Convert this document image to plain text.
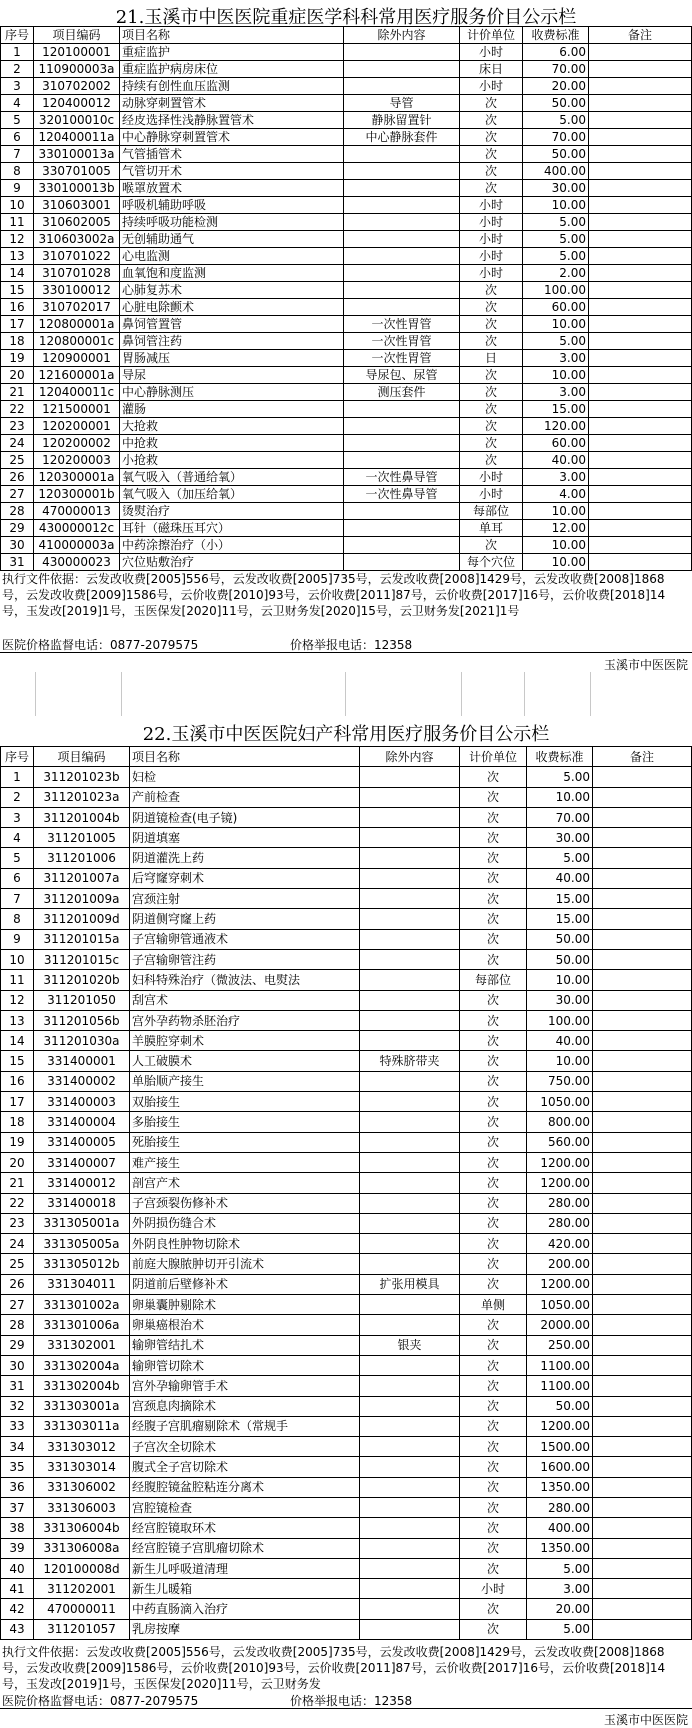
21.玉溪市中医医院重症医学科科常用医疗服务价目公示栏
序号	项目编码	项目名称	除外内容	计价单位	收费标准	备注
1	120100001	重症监护		小时	6.00	
2	110900003a	重症监护病房床位		床日	70.00	
3	310702002	持续有创性血压监测		小时	20.00	
4	120400012	动脉穿刺置管术	导管	次	50.00	
5	320100010c	经皮选择性浅静脉置管术	静脉留置针	次	5.00	
6	120400011a	中心静脉穿刺置管术	中心静脉套件	次	70.00	
7	330100013a	气管插管术		次	50.00	
8	330701005	气管切开术		次	400.00	
9	330100013b	喉罩放置术		次	30.00	
10	310603001	呼吸机辅助呼吸		小时	10.00	
11	310602005	持续呼吸功能检测		小时	5.00	
12	310603002a	无创辅助通气		小时	5.00	
13	310701022	心电监测		小时	5.00	
14	310701028	血氧饱和度监测		小时	2.00	
15	330100012	心肺复苏术		次	100.00	
16	310702017	心脏电除颤术		次	60.00	
17	120800001a	鼻饲管置管	一次性胃管	次	10.00	
18	120800001c	鼻饲管注药	一次性胃管	次	5.00	
19	120900001	胃肠减压	一次性胃管	日	3.00	
20	121600001a	导尿	导尿包、尿管	次	10.00	
21	120400011c	中心静脉测压	测压套件	次	3.00	
22	121500001	灌肠		次	15.00	
23	120200001	大抢救		次	120.00	
24	120200002	中抢救		次	60.00	
25	120200003	小抢救		次	40.00	
26	120300001a	氧气吸入（普通给氧）	一次性鼻导管	小时	3.00	
27	120300001b	氧气吸入（加压给氧）	一次性鼻导管	小时	4.00	
28	470000013	烫熨治疗		每部位	10.00	
29	430000012c	耳针（磁珠压耳穴）		单耳	12.00	
30	410000003a	中药涂擦治疗（小）		次	10.00	
31	430000023	穴位贴敷治疗		每个穴位	10.00	
执行文件依据：云发改收费[2005]556号，云发改收费[2005]735号，云发改收费[2008]1429号，云发改收费[2008]1868号，云发改收费[2009]1586号，云价收费[2010]93号，云价收费[2011]87号，云价收费[2017]16号，云价收费[2018]14号，玉发改[2019]1号，玉医保发[2020]11号，云卫财务发[2020]15号，云卫财务发[2021]1号
医院价格监督电话：0877-2079575	价格举报电话：12358
玉溪市中医医院
22.玉溪市中医医院妇产科常用医疗服务价目公示栏
序号	项目编码	项目名称	除外内容	计价单位	收费标准	备注
1	311201023b	妇检		次	5.00	
2	311201023a	产前检查		次	10.00	
3	311201004b	阴道镜检查(电子镜)		次	70.00	
4	311201005	阴道填塞		次	30.00	
5	311201006	阴道灌洗上药		次	5.00	
6	311201007a	后穹窿穿刺术		次	40.00	
7	311201009a	宫颈注射		次	15.00	
8	311201009d	阴道侧穹窿上药		次	15.00	
9	311201015a	子宫输卵管通液术		次	50.00	
10	311201015c	子宫输卵管注药		次	50.00	
11	311201020b	妇科特殊治疗（微波法、电熨法		每部位	10.00	
12	311201050	刮宫术		次	30.00	
13	311201056b	宫外孕药物杀胚治疗		次	100.00	
14	311201030a	羊膜腔穿刺术		次	40.00	
15	331400001	人工破膜术	特殊脐带夹	次	10.00	
16	331400002	单胎顺产接生		次	750.00	
17	331400003	双胎接生		次	1050.00	
18	331400004	多胎接生		次	800.00	
19	331400005	死胎接生		次	560.00	
20	331400007	难产接生		次	1200.00	
21	331400012	剖宫产术		次	1200.00	
22	331400018	子宫颈裂伤修补术		次	280.00	
23	331305001a	外阴损伤缝合术		次	280.00	
24	331305005a	外阴良性肿物切除术		次	420.00	
25	331305012b	前庭大腺脓肿切开引流术		次	200.00	
26	331304011	阴道前后壁修补术	扩张用模具	次	1200.00	
27	331301002a	卵巢囊肿剔除术		单侧	1050.00	
28	331301006a	卵巢癌根治术		次	2000.00	
29	331302001	输卵管结扎术	银夹	次	250.00	
30	331302004a	输卵管切除术		次	1100.00	
31	331302004b	宫外孕输卵管手术		次	1100.00	
32	331303001a	宫颈息肉摘除术		次	50.00	
33	331303011a	经腹子宫肌瘤剔除术（常规手		次	1200.00	
34	331303012	子宫次全切除术		次	1500.00	
35	331303014	腹式全子宫切除术		次	1600.00	
36	331306002	经腹腔镜盆腔粘连分离术		次	1350.00	
37	331306003	宫腔镜检查		次	280.00	
38	331306004b	经宫腔镜取环术		次	400.00	
39	331306008a	经宫腔镜子宫肌瘤切除术		次	1350.00	
40	120100008d	新生儿呼吸道清理		次	5.00	
41	311202001	新生儿暖箱		小时	3.00	
42	470000011	中药直肠滴入治疗		次	20.00	
43	311201057	乳房按摩		次	5.00	
执行文件依据：云发改收费[2005]556号，云发改收费[2005]735号，云发改收费[2008]1429号，云发改收费[2008]1868号，云发改收费[2009]1586号，云价收费[2010]93号，云价收费[2011]87号，云价收费[2017]16号，云价收费[2018]14号，玉发改[2019]1号，玉医保发[2020]11号，云卫财务发
医院价格监督电话：0877-2079575	价格举报电话：12358
玉溪市中医医院
